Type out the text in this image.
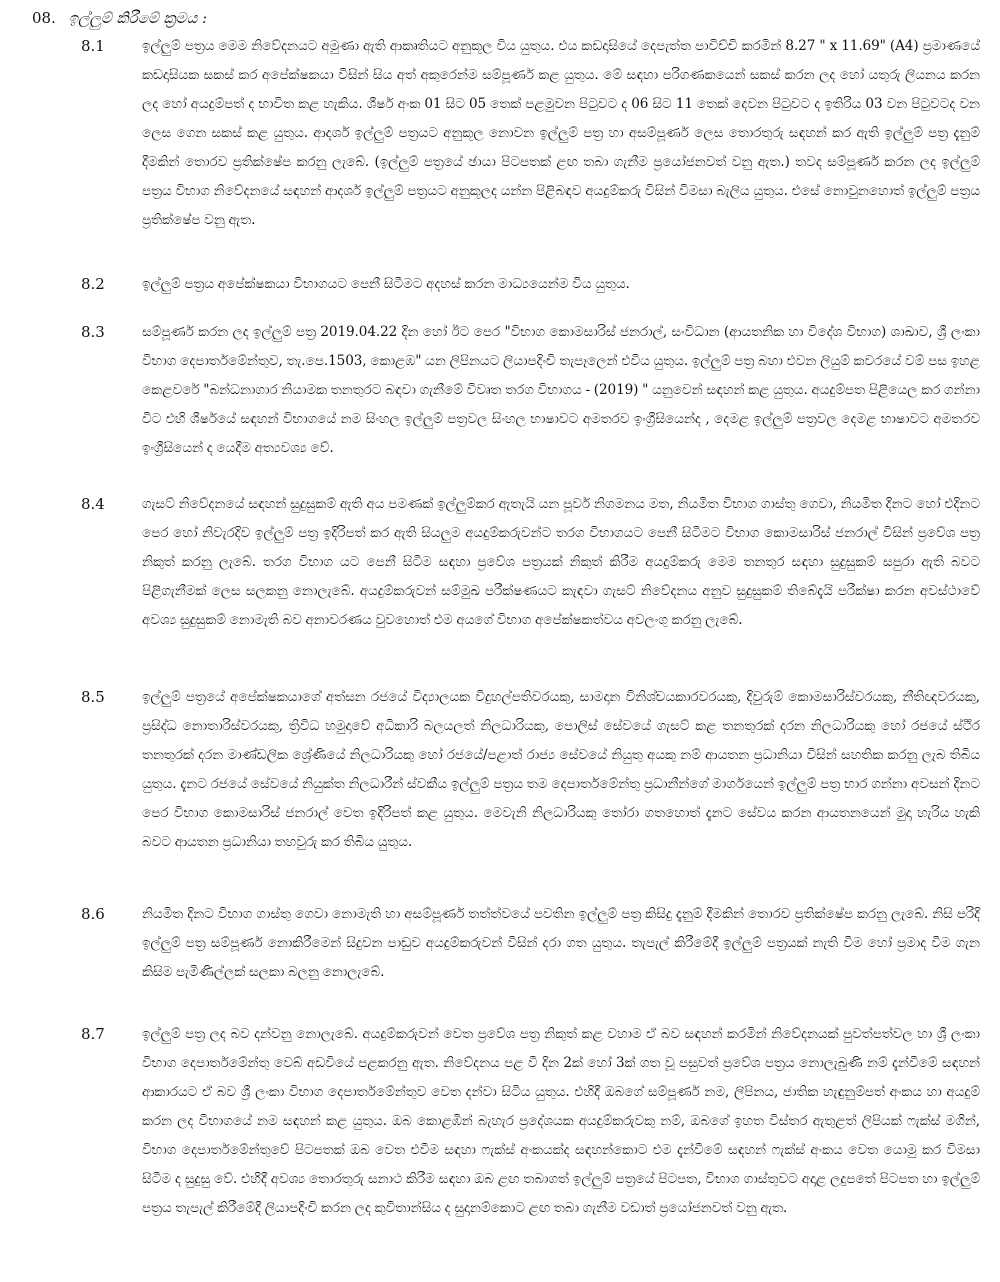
08. ඉල්ලුම් කිරීමේ ක්‍රමය :
8.1	ඉල්ලුම් පත්‍රය මෙම නිවේදනයට අමුණා ඇති ආකෘතියට අනුකූල විය යුතුය. එය කඩදාසියේ දෙපැත්ත පාවිච්චි කරමින් 8.27 " x 11.69" (A4) ප්‍රමාණයේ කඩදාසියක සකස් කර අපේක්ෂකයා විසින් සිය අත් අකුරෙන්ම සම්පූර්ණ කළ යුතුය. මේ සඳහා පරිගණකයෙන් සකස් කරන ලද හෝ යතුරු ලියනය කරන ලද හෝ අයදුම්පත් ද භාවිත කළ හැකිය. ශීර්ෂ අංක 01 සිට 05 තෙක් පළමුවන පිටුවට ද 06 සිට 11 තෙක් දෙවන පිටුවට ද ඉතිරිය 03 වන පිටුවටද වන ලෙස ගෙන සකස් කළ යුතුය. ආදර්ශ ඉල්ලුම් පත්‍රයට අනුකූල නොවන ඉල්ලුම් පත්‍ර හා අසම්පූර්ණ ලෙස තොරතුරු සඳහන් කර ඇති ඉල්ලුම් පත්‍ර දැනුම් දීමකින් තොරව ප්‍රතික්ෂේප කරනු ලැබේ. (ඉල්ලුම් පත්‍රයේ ඡායා පිටපතක් ළඟ තබා ගැනීම ප්‍රයෝජනවත් වනු ඇත.) තවද සම්පූර්ණ කරන ලද ඉල්ලුම් පත්‍රය විභාග නිවේදනයේ සඳහන් ආදර්ශ ඉල්ලුම් පත්‍රයට අනුකූලද යන්න පිළිබඳව අයදුම්කරු විසින් විමසා බැලිය යුතුය. එසේ නොවුනහොත් ඉල්ලුම් පත්‍රය ප්‍රතික්ෂේප වනු ඇත.
8.2	ඉල්ලුම් පත්‍රය අපේක්ෂකයා විභාගයට පෙනී සිටීමට අදහස් කරන මාධ්‍යයෙන්ම විය යුතුය.
8.3	සම්පූර්ණ කරන ලද ඉල්ලුම් පත්‍ර 2019.04.22 දින හෝ ඊට පෙර "විභාග කොමසාරිස් ජනරාල්, සංවිධාන (ආයතනික හා විදේශ විභාග) ශාඛාව, ශ්‍රී ලංකා විභාග දෙපාර්තමේන්තුව, තැ.පෙ.1503, කොළඹ" යන ලිපිනයට ලියාපදිංචි තැපෑලෙන් එවිය යුතුය. ඉල්ලුම් පත්‍ර බහා එවන ලියුම් කවරයේ වම් පස ඉහළ කෙළවරේ "බන්ධනාගාර නියාමක තනතුරට බඳවා ගැනීමේ විවෘත තරග විභාගය - (2019) " යනුවෙන් සඳහන් කළ යුතුය. අයදුම්පත පිළියෙල කර ගන්නා විට එහි ශීර්ෂයේ සඳහන් විභාගයේ නම සිංහල ඉල්ලුම් පත්‍රවල සිංහල භාෂාවට අමතරව ඉංග්‍රීසියෙන්ද , දෙමළ ඉල්ලුම් පත්‍රවල දෙමළ භාෂාවට අමතරව ඉංග්‍රීසියෙන් ද යෙදීම අත්‍යවශ්‍ය වේ.
8.4	ගැසට් නිවේදනයේ සඳහන් සුදුසුකම් ඇති අය පමණක් ඉල්ලුම්කර ඇතැයි යන පූර්ව නිගමනය මත, නියමිත විභාග ගාස්තු ගෙවා, නියමිත දිනට හෝ එදිනට පෙර හෝ නිවැරදිව ඉල්ලුම් පත්‍ර ඉදිරිපත් කර ඇති සියලුම අයදුම්කරුවන්ට තරග විභාගයට පෙනී සිටීමට විභාග කොමසාරිස් ජනරාල් විසින් ප්‍රවේශ පත්‍ර නිකුත් කරනු ලැබේ. තරග විභාග යට පෙනී සිටීම සඳහා ප්‍රවේශ පත්‍රයක් නිකුත් කිරීම අයදුම්කරු මෙම තනතුර සඳහා සුදුසුකම් සපුරා ඇති බවට පිළිගැනීමක් ලෙස සලකනු නොලැබේ. අයදුම්කරුවන් සම්මුඛ පරීක්ෂණයට කැඳවා ගැසට් නිවේදනය අනුව සුදුසුකම් තිබේදැයි පරීක්ෂා කරන අවස්ථාවේ අවශ්‍ය සුදුසුකම් නොමැති බව අනාවරණය වුවහොත් එම අයගේ විභාග අපේක්ෂකත්වය අවලංගු කරනු ලැබේ.
8.5	ඉල්ලුම් පත්‍රයේ අපේක්ෂකයාගේ අත්සන රජයේ විද්‍යාලයක විදුහල්පතිවරයකු, සාමදාන විනිශ්චයකාරවරයකු, දිවුරුම් කොමසාරිස්වරයකු, නීතිඥවරයකු, ප්‍රසිද්ධ නොතාරිස්වරයකු, ත්‍රිවිධ හමුදාවේ අධිකාරි බලයලත් නිලධාරියකු, පොලිස් සේවයේ ගැසට් කළ තනතුරක් දරන නිලධාරියකු හෝ රජයේ ස්ථිර තනතුරක් දරන මාණ්ඩලික ශ්‍රේණියේ නිලධාරියකු හෝ රජයේ/පළාත් රාජ්‍ය සේවයේ නියුතු අයකු නම් ආයතන ප්‍රධානියා විසින් සහතික කරනු ලැබ තිබිය යුතුය. දැනට රජයේ සේවයේ නියුක්ත නිලධාරීන් ස්වකීය ඉල්ලුම් පත්‍රය තම දෙපාර්තමේන්තු ප්‍රධානීන්ගේ මාර්ගයෙන් ඉල්ලුම් පත්‍ර භාර ගන්නා අවසන් දිනට පෙර විභාග කොමසාරිස් ජනරාල් වෙත ඉදිරිපත් කළ යුතුය. මෙවැනි නිලධාරියකු තෝරා ගතහොත් දැනට සේවය කරන ආයතනයෙන් මුදා හැරිය හැකි බවට ආයතන ප්‍රධානියා තහවුරු කර තිබිය යුතුය.
8.6	නියමිත දිනට විභාග ගාස්තු ගෙවා නොමැති හා අසම්පූර්ණ තත්ත්වයේ පවතින ඉල්ලුම් පත්‍ර කිසිදු දැනුම් දීමකින් තොරව ප්‍රතික්ෂේප කරනු ලැබේ. නිසි පරිදි ඉල්ලුම් පත්‍ර සම්පූර්ණ නොකිරීමෙන් සිදුවන පාඩුව අයදුම්කරුවන් විසින් දරා ගත යුතුය. තැපැල් කිරීමේදී ඉල්ලුම් පත්‍රයක් නැති වීම හෝ ප්‍රමාද වීම ගැන කිසිම පැමිණිල්ලක් සලකා බලනු නොලැබේ.
8.7	ඉල්ලුම් පත්‍ර ලද බව දන්වනු නොලැබේ. අයදුම්කරුවන් වෙත ප්‍රවේශ පත්‍ර නිකුත් කළ වහාම ඒ බව සඳහන් කරමින් නිවේදනයක් පුවත්පත්වල හා ශ්‍රී ලංකා විභාග දෙපාර්තමේන්තු වෙබ් අඩවියේ පළකරනු ඇත. නිවේදනය පළ වී දින 2ක් හෝ 3ක් ගත වූ පසුවත් ප්‍රවේශ පත්‍රය නොලැබුණි නම් දැන්වීමේ සඳහන් ආකාරයට ඒ බව ශ්‍රී ලංකා විභාග දෙපාර්තමේන්තුව වෙත දන්වා සිටිය යුතුය. එහිදී ඔබගේ සම්පූර්ණ නම, ලිපිනය, ජාතික හැඳුනුම්පත් අංකය හා අයදුම් කරන ලද විභාගයේ නම සඳහන් කළ යුතුය. ඔබ කොළඹින් බැහැර ප්‍රදේශයක අයදුම්කරුවකු නම්, ඔබගේ ඉහත විස්තර ඇතුළත් ලිපියක් ෆැක්ස් මගින්, විභාග දෙපාර්තමේන්තුවේ පිටපතක් ඔබ වෙත එවීම සඳහා ෆැක්ස් අංකයක්ද සඳහන්කොට එම දැන්වීමේ සඳහන් ෆැක්ස් අංකය වෙත යොමු කර විමසා සිටීම ද සුදුසු වේ. එහිදී අවශ්‍ය තොරතුරු සනාථ කිරීම සඳහා ඔබ ළඟ තබාගත් ඉල්ලුම් පත්‍රයේ පිටපත, විභාග ගාස්තුවට අදාළ ලදුපතේ පිටපත හා ඉල්ලුම් පත්‍රය තැපැල් කිරීමේදී ලියාපදිංචි කරන ලද කුවිතාන්සිය ද සුදානම්කොට ළඟ තබා ගැනීම වඩාත් ප්‍රයෝජනවත් වනු ඇත.
